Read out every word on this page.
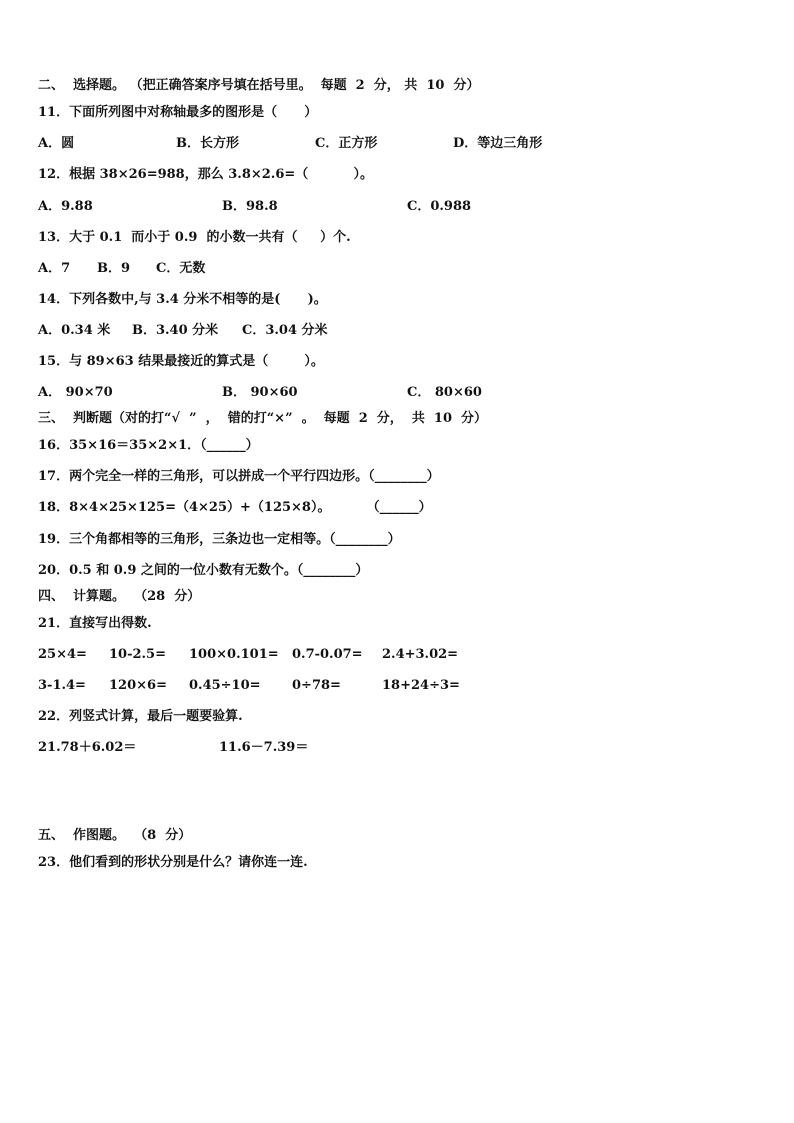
二、  选择题。 （把正确答案序号填在括号里。  每题  2  分， 共  10  分）
11．下面所列图中对称轴最多的图形是（      ）
A．圆	B．长方形	C．正方形	D．等边三角形
12．根据 38×26=988，那么 3.8×2.6=（          ）。
A．9.88	B．98.8	C．0.988
13．大于 0.1  而小于 0.9  的小数一共有（     ）个.
A．7 B．9 C．无数
14．下列各数中,与 3.4 分米不相等的是(      )。
A．0.34 米 B．3.40 分米 C．3.04 分米
15．与 89×63 结果最接近的算式是（        ）。
A． 90×70	B． 90×60	C． 80×60
三、  判断题（对的打“√  ”  ，  错的打“×”  。  每题  2  分，  共  10  分）
16．35×16＝35×2×1．（______）
17．两个完全一样的三角形，可以拼成一个平行四边形。（________）
18．8×4×25×125=（4×25）+（125×8）。        （______）
19．三个角都相等的三角形，三条边也一定相等。（________）
20．0.5 和 0.9 之间的一位小数有无数个。（________）
四、  计算题。  （28  分）
21．直接写出得数.
25×4= 10-2.5= 100×0.101= 0.7-0.07= 2.4+3.02=
3-1.4= 120×6= 0.45÷10= 0÷78=	18+24÷3=
22．列竖式计算，最后一题要验算.
21.78＋6.02＝	11.6－7.39＝
五、  作图题。  （8  分）
23．他们看到的形状分别是什么？请你连一连.
